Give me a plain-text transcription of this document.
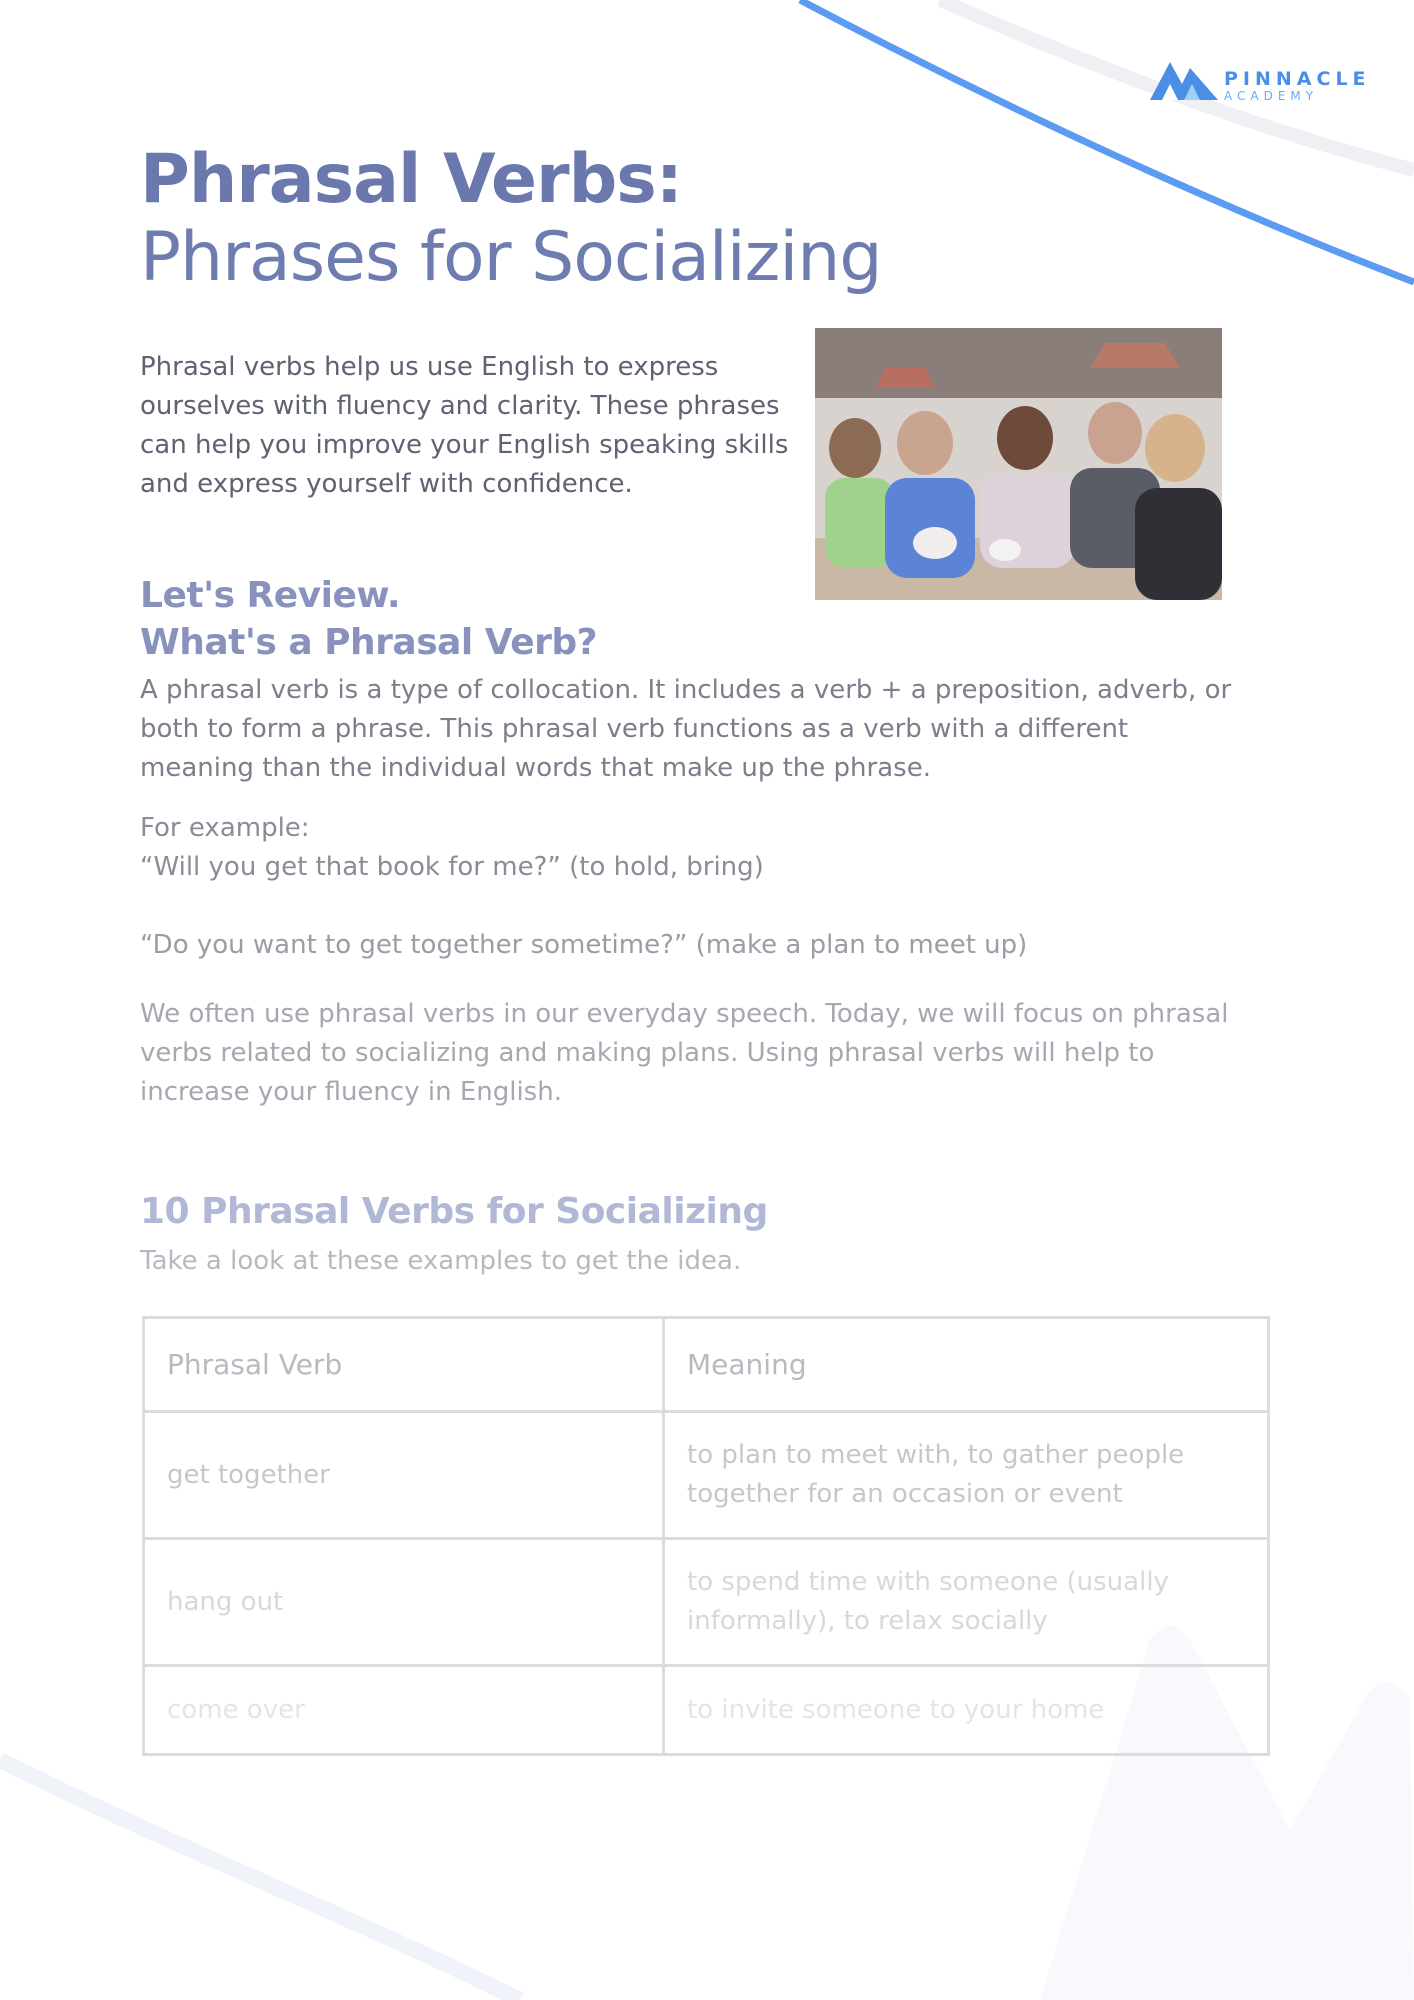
PINNACLE
ACADEMY
Phrasal Verbs:
Phrases for Socializing
Phrasal verbs help us use English to express ourselves with fluency and clarity. These phrases can help you improve your English speaking skills and express yourself with confidence.
Let's Review.
What's a Phrasal Verb?
A phrasal verb is a type of collocation. It includes a verb + a preposition, adverb, or both to form a phrase. This phrasal verb functions as a verb with a different meaning than the individual words that make up the phrase.
For example:
“Will you get that book for me?” (to hold, bring)
“Do you want to get together sometime?” (make a plan to meet up)
We often use phrasal verbs in our everyday speech. Today, we will focus on phrasal verbs related to socializing and making plans. Using phrasal verbs will help to increase your fluency in English.
10 Phrasal Verbs for Socializing
Take a look at these examples to get the idea.
Phrasal Verb	Meaning
get together	to plan to meet with, to gather people together for an occasion or event
hang out	to spend time with someone (usually informally), to relax socially
come over	to invite someone to your home
